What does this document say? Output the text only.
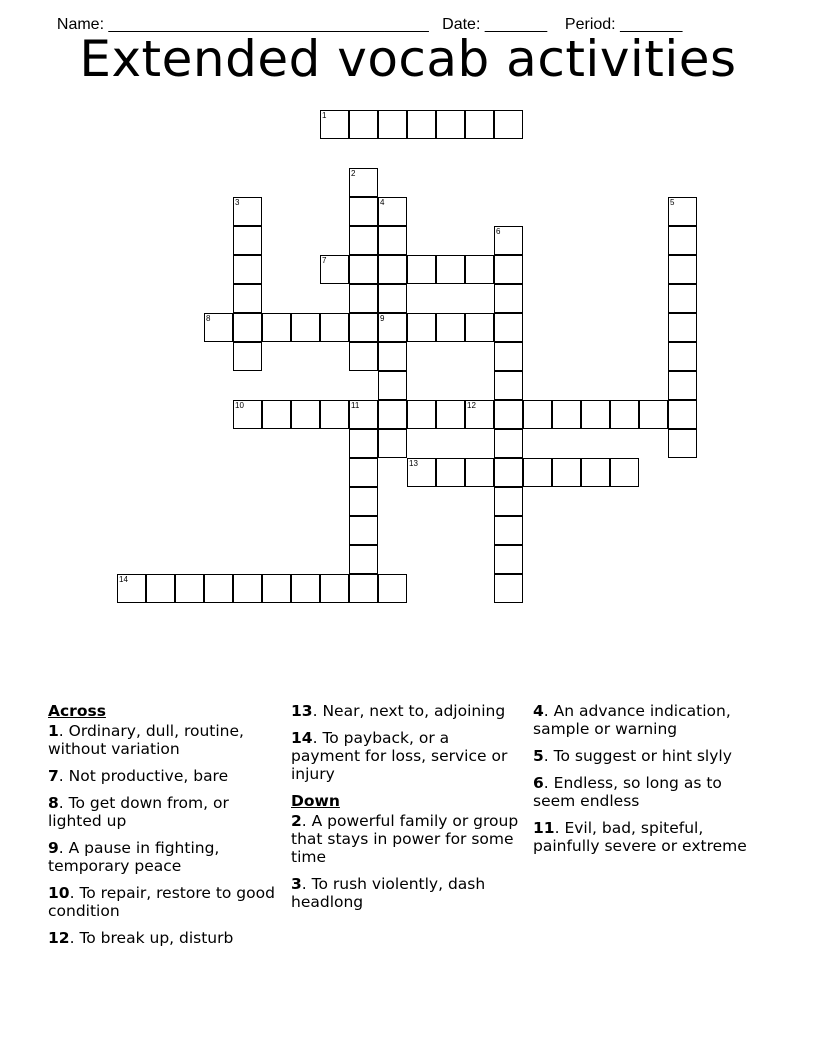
Name: ____________________________________ Date: _______ Period: _______

Extended vocab activities
1
2
3	4
9
5
6
7
8
10	11	12
13
14
Across
1. Ordinary, dull, routine, without variation
7. Not productive, bare
8. To get down from, or lighted up
9. A pause in fighting, temporary peace
10. To repair, restore to good condition
12. To break up, disturb
13. Near, next to, adjoining
14. To payback, or a payment for loss, service or injury
Down
2. A powerful family or group that stays in power for some time
3. To rush violently, dash headlong
4. An advance indication, sample or warning
5. To suggest or hint slyly
6. Endless, so long as to seem endless
11. Evil, bad, spiteful, painfully severe or extreme
